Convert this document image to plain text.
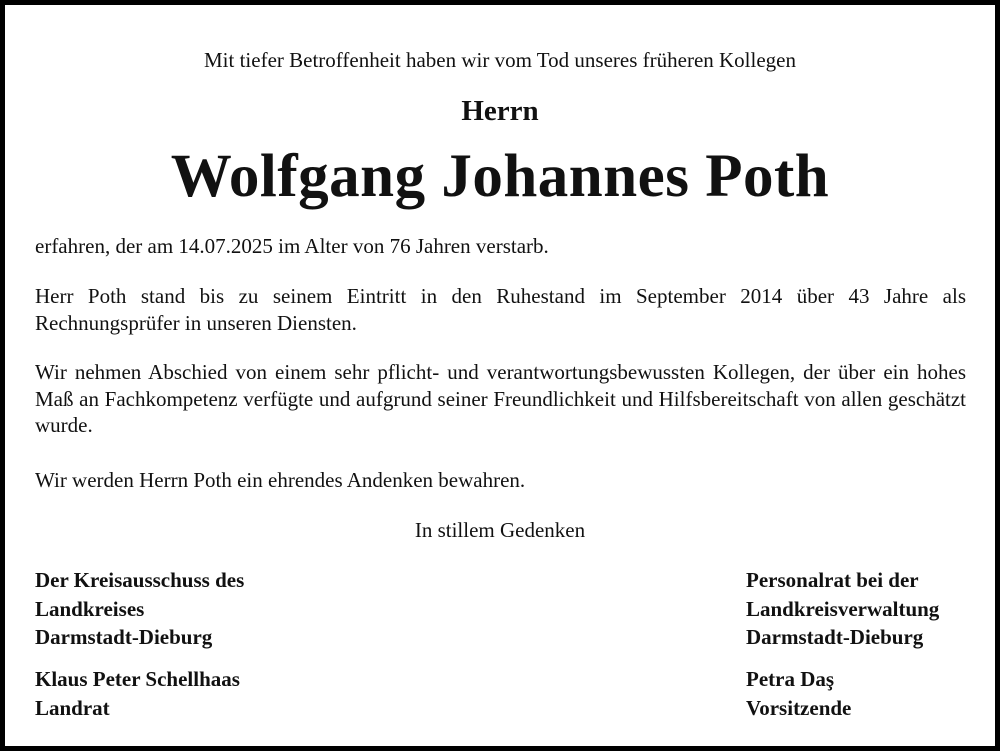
Mit tiefer Betroffenheit haben wir vom Tod unseres früheren Kollegen
Herrn
Wolfgang Johannes Poth

erfahren, der am 14.07.2025 im Alter von 76 Jahren verstarb.

Herr Poth stand bis zu seinem Eintritt in den Ruhestand im September 2014 über 43 Jahre als Rechnungsprüfer in unseren Diensten.

Wir nehmen Abschied von einem sehr pflicht- und verantwortungsbewussten Kollegen, der über ein hohes Maß an Fachkompetenz verfügte und aufgrund seiner Freundlichkeit und Hilfsbereitschaft von allen geschätzt wurde.

Wir werden Herrn Poth ein ehrendes Andenken bewahren.

In stillem Gedenken
Der Kreisausschuss des
Landkreises
Darmstadt-Dieburg
Klaus Peter Schellhaas
Landrat
Personalrat bei der
Landkreisverwaltung
Darmstadt-Dieburg
Petra Daş
Vorsitzende
